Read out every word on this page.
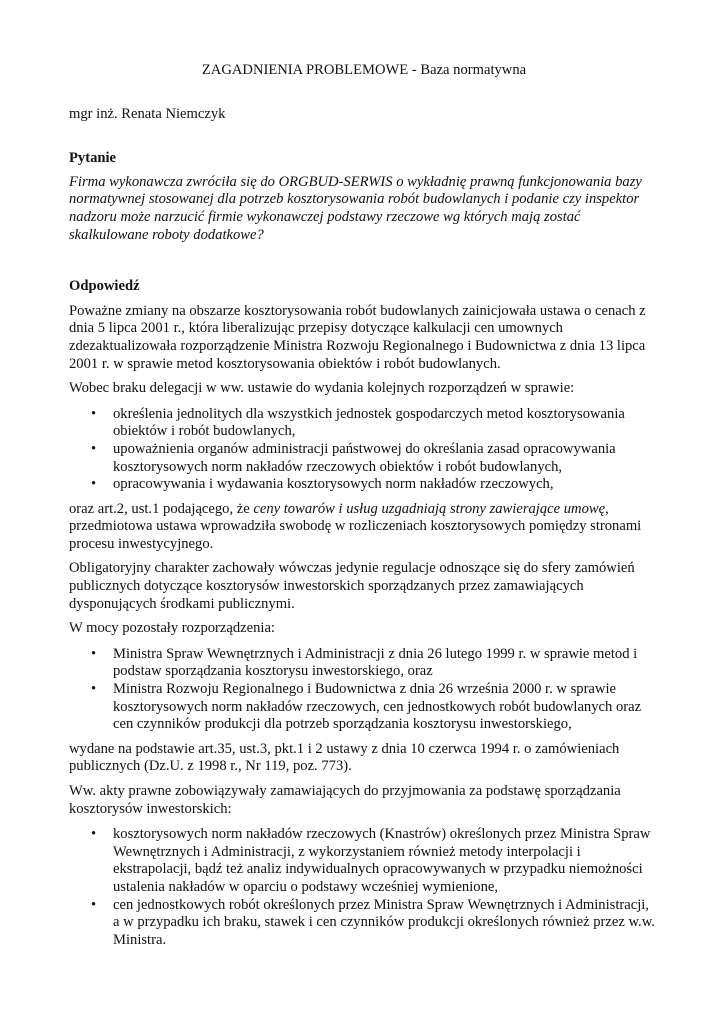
ZAGADNIENIA PROBLEMOWE - Baza normatywna

mgr inż. Renata Niemczyk

Pytanie

Firma wykonawcza zwróciła się do ORGBUD-SERWIS o wykładnię prawną funkcjonowania bazy normatywnej stosowanej dla potrzeb kosztorysowania robót budowlanych i podanie czy inspektor nadzoru może narzucić firmie wykonawczej podstawy rzeczowe wg których mają zostać skalkulowane roboty dodatkowe?

Odpowiedź

Poważne zmiany na obszarze kosztorysowania robót budowlanych zainicjowała ustawa o cenach z dnia 5 lipca 2001 r., która liberalizując przepisy dotyczące kalkulacji cen umownych zdezaktualizowała rozporządzenie Ministra Rozwoju Regionalnego i Budownictwa z dnia 13 lipca 2001 r. w sprawie metod kosztorysowania obiektów i robót budowlanych.

Wobec braku delegacji w ww. ustawie do wydania kolejnych rozporządzeń w sprawie:

• określenia jednolitych dla wszystkich jednostek gospodarczych metod kosztorysowania obiektów i robót budowlanych,
• upoważnienia organów administracji państwowej do określania zasad opracowywania kosztorysowych norm nakładów rzeczowych obiektów i robót budowlanych,
• opracowywania i wydawania kosztorysowych norm nakładów rzeczowych,

oraz art.2, ust.1 podającego, że ceny towarów i usług uzgadniają strony zawierające umowę, przedmiotowa ustawa wprowadziła swobodę w rozliczeniach kosztorysowych pomiędzy stronami procesu inwestycyjnego.

Obligatoryjny charakter zachowały wówczas jedynie regulacje odnoszące się do sfery zamówień publicznych dotyczące kosztorysów inwestorskich sporządzanych przez zamawiających dysponujących środkami publicznymi.

W mocy pozostały rozporządzenia:

• Ministra Spraw Wewnętrznych i Administracji z dnia 26 lutego 1999 r. w sprawie metod i podstaw sporządzania kosztorysu inwestorskiego, oraz
• Ministra Rozwoju Regionalnego i Budownictwa z dnia 26 września 2000 r. w sprawie kosztorysowych norm nakładów rzeczowych, cen jednostkowych robót budowlanych oraz cen czynników produkcji dla potrzeb sporządzania kosztorysu inwestorskiego,

wydane na podstawie art.35, ust.3, pkt.1 i 2 ustawy z dnia 10 czerwca 1994 r. o zamówieniach publicznych (Dz.U. z 1998 r., Nr 119, poz. 773).

Ww. akty prawne zobowiązywały zamawiających do przyjmowania za podstawę sporządzania kosztorysów inwestorskich:

• kosztorysowych norm nakładów rzeczowych (Knastrów) określonych przez Ministra Spraw Wewnętrznych i Administracji, z wykorzystaniem również metody interpolacji i ekstrapolacji, bądź też analiz indywidualnych opracowywanych w przypadku niemożności ustalenia nakładów w oparciu o podstawy wcześniej wymienione,
• cen jednostkowych robót określonych przez Ministra Spraw Wewnętrznych i Administracji, a w przypadku ich braku, stawek i cen czynników produkcji określonych również przez w.w. Ministra.
